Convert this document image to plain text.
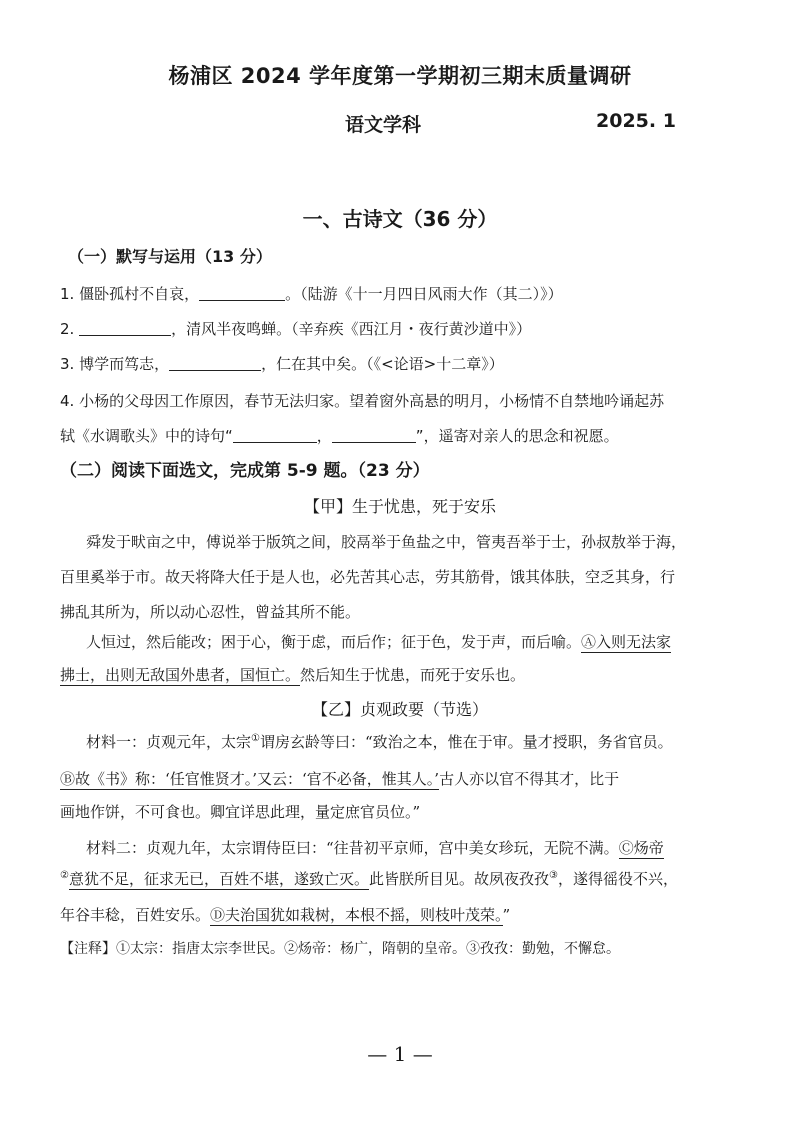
杨浦区 2024 学年度第一学期初三期末质量调研
语文学科	2025. 1
一、古诗文（36 分）
（一）默写与运用（13 分）
1. 僵卧孤村不自哀，	。（陆游《十一月四日风雨大作（其二）》）
2.	，清风半夜鸣蝉。（辛弃疾《西江月・夜行黄沙道中》）
3. 博学而笃志，	，仁在其中矣。（《<论语>十二章》）
4. 小杨的父母因工作原因，春节无法归家。望着窗外高悬的明月，小杨情不自禁地吟诵起苏
轼《水调歌头》中的诗句“	，	”，遥寄对亲人的思念和祝愿。
（二）阅读下面选文，完成第 5-9 题。（23 分）
【甲】生于忧患，死于安乐
舜发于畎亩之中，傅说举于版筑之间，胶鬲举于鱼盐之中，管夷吾举于士，孙叔敖举于海，
百里奚举于市。故天将降大任于是人也，必先苦其心志，劳其筋骨，饿其体肤，空乏其身，行
拂乱其所为，所以动心忍性，曾益其所不能。
人恒过，然后能改；困于心，衡于虑，而后作；征于色，发于声，而后喻。Ⓐ入则无法家
拂士，出则无敌国外患者，国恒亡。然后知生于忧患，而死于安乐也。
【乙】贞观政要（节选）
材料一：贞观元年，太宗①谓房玄龄等曰：“致治之本，惟在于审。量才授职，务省官员。
Ⓑ故《书》称：‘任官惟贤才。’又云：‘官不必备，惟其人。’古人亦以官不得其才，比于
画地作饼，不可食也。卿宜详思此理，量定庶官员位。”
材料二：贞观九年，太宗谓侍臣曰：“往昔初平京师，宫中美女珍玩，无院不满。Ⓒ炀帝
②意犹不足，征求无已，百姓不堪，遂致亡灭。此皆朕所目见。故夙夜孜孜③，遂得徭役不兴，
年谷丰稔，百姓安乐。Ⓓ夫治国犹如栽树，本根不摇，则枝叶茂荣。”
【注释】①太宗：指唐太宗李世民。②炀帝：杨广，隋朝的皇帝。③孜孜：勤勉，不懈怠。
— 1 —
